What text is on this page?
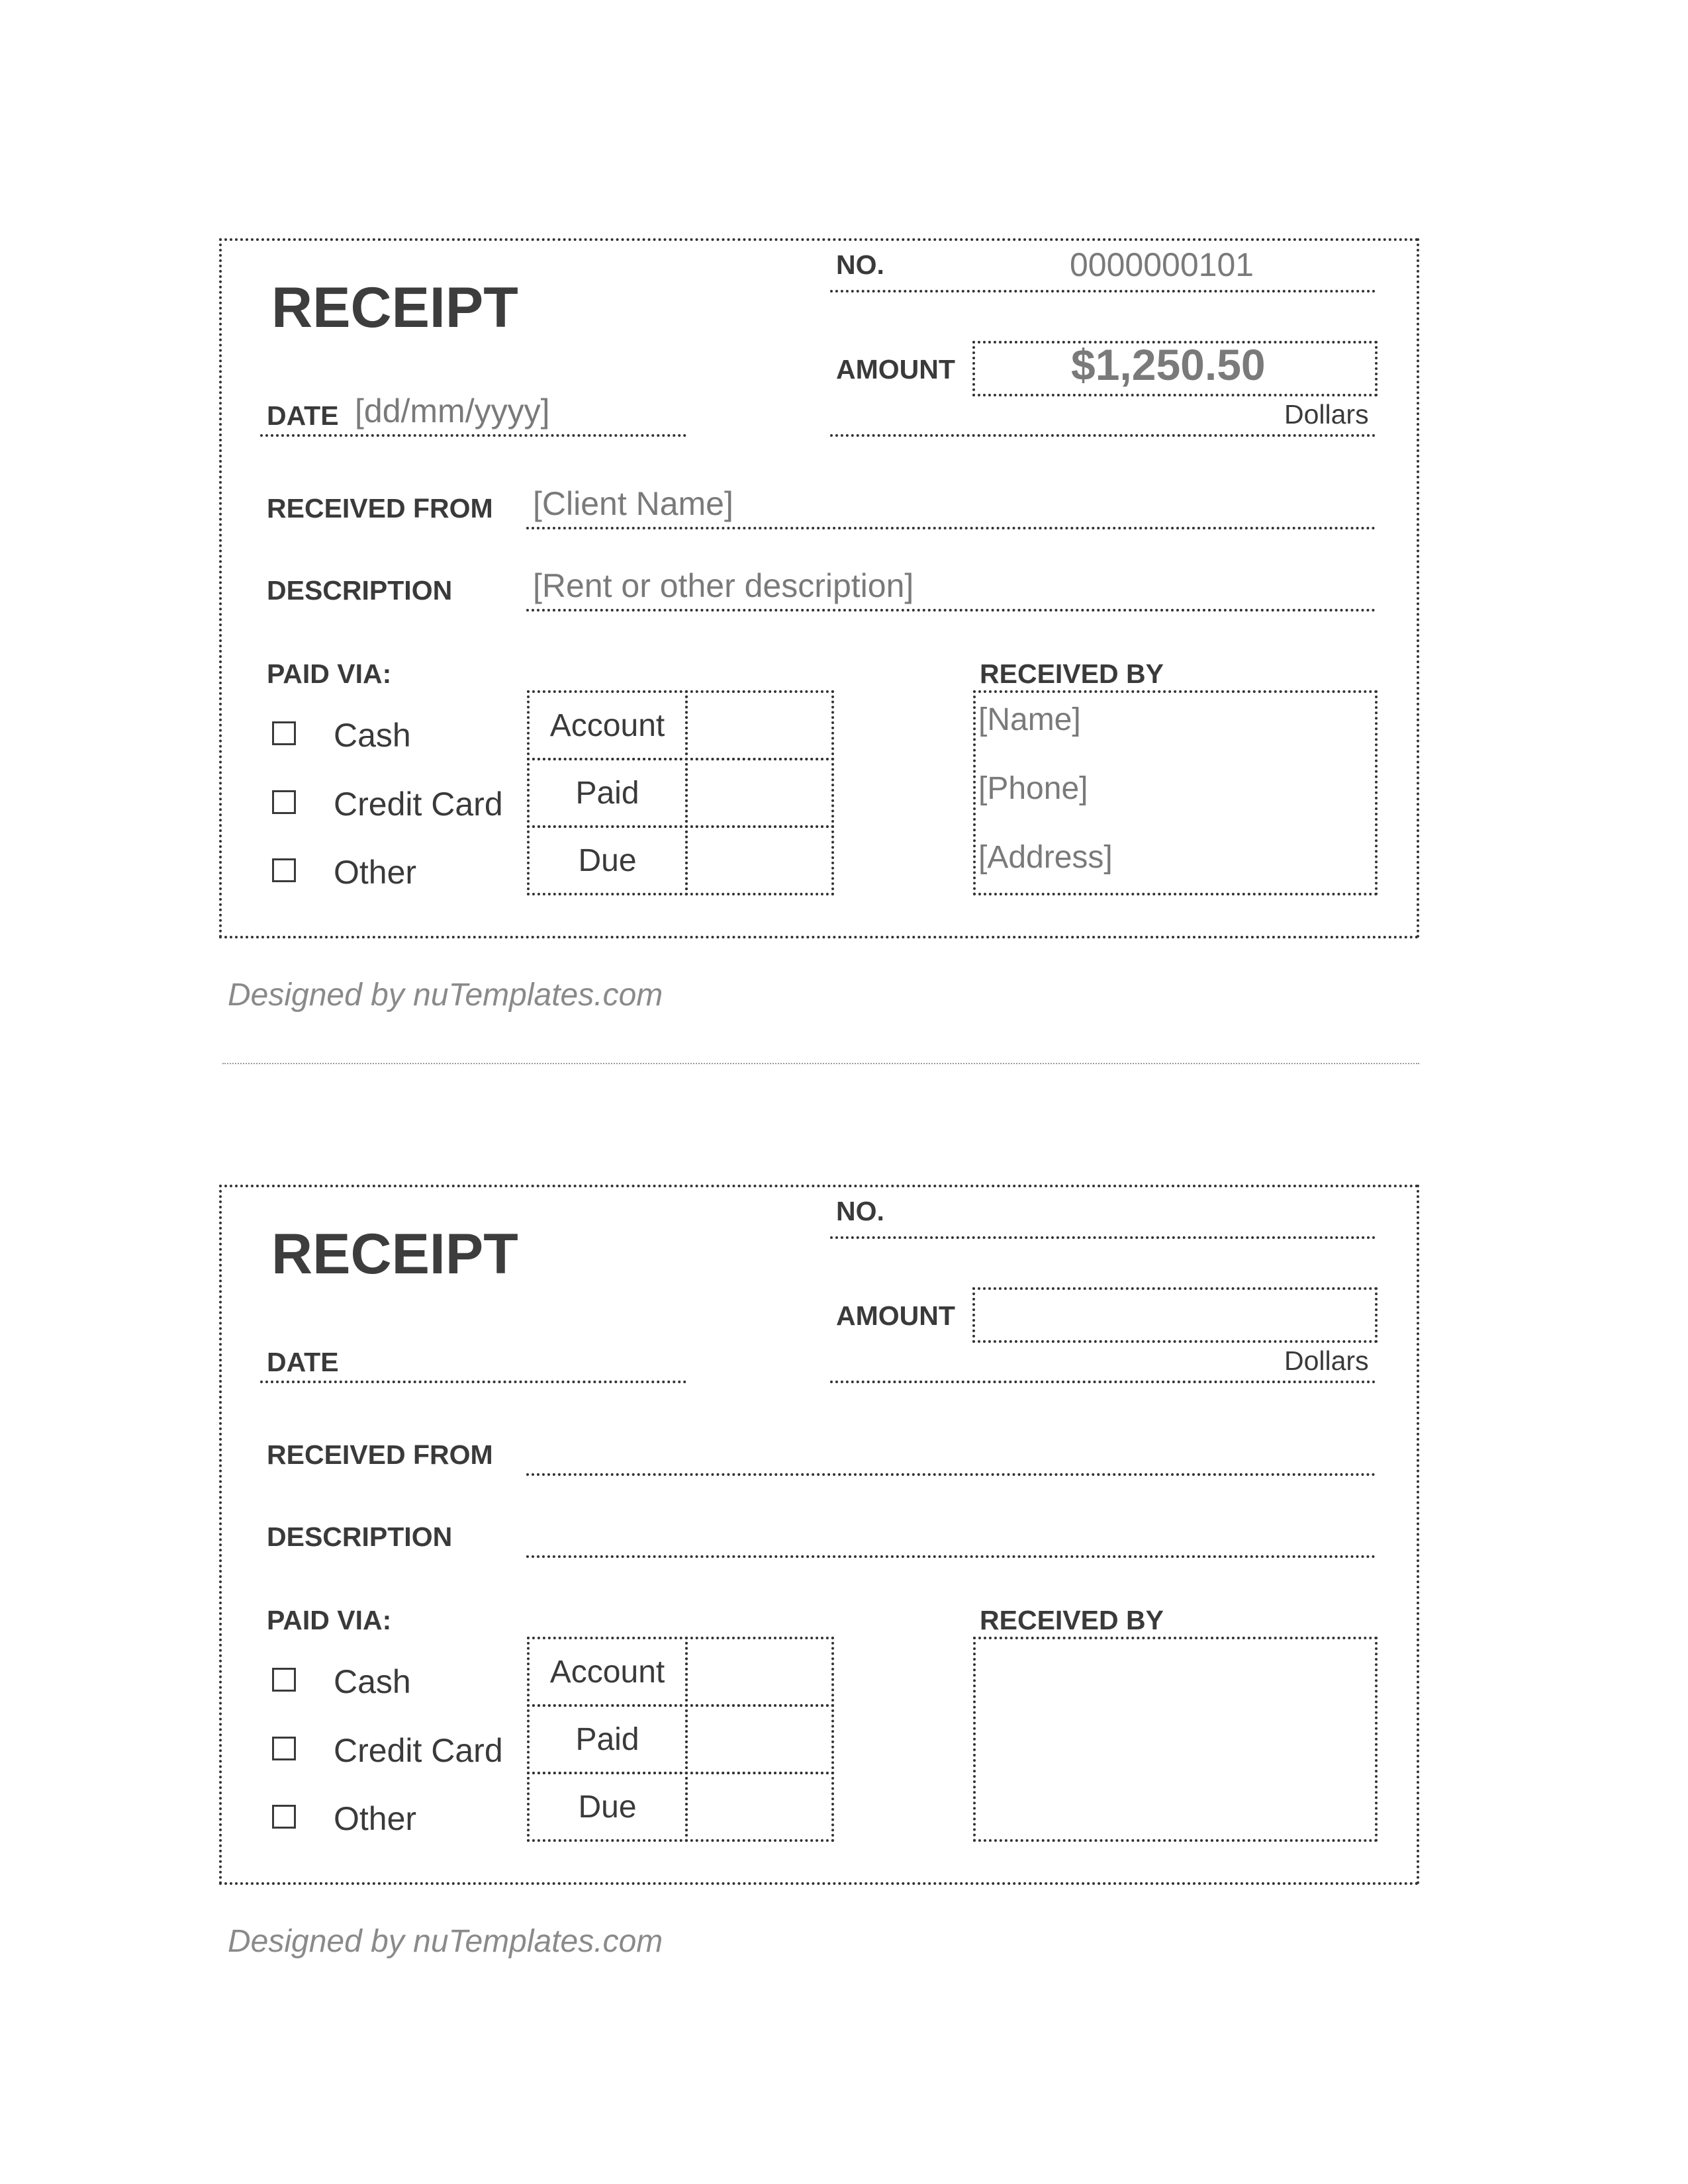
RECEIPT
NO.	0000000101
AMOUNT	$1,250.50
Dollars
DATE [dd/mm/yyyy]
RECEIVED FROM [Client Name]
DESCRIPTION [Rent or other description]
PAID VIA:
Cash
Credit Card
Other
Account
Paid
Due
RECEIVED BY
[Name]
[Phone]
[Address]
Designed by nuTemplates.com
RECEIPT
NO.
AMOUNT
Dollars
DATE
RECEIVED FROM
DESCRIPTION
PAID VIA:
Cash
Credit Card
Other
Account
Paid
Due
RECEIVED BY
Designed by nuTemplates.com
